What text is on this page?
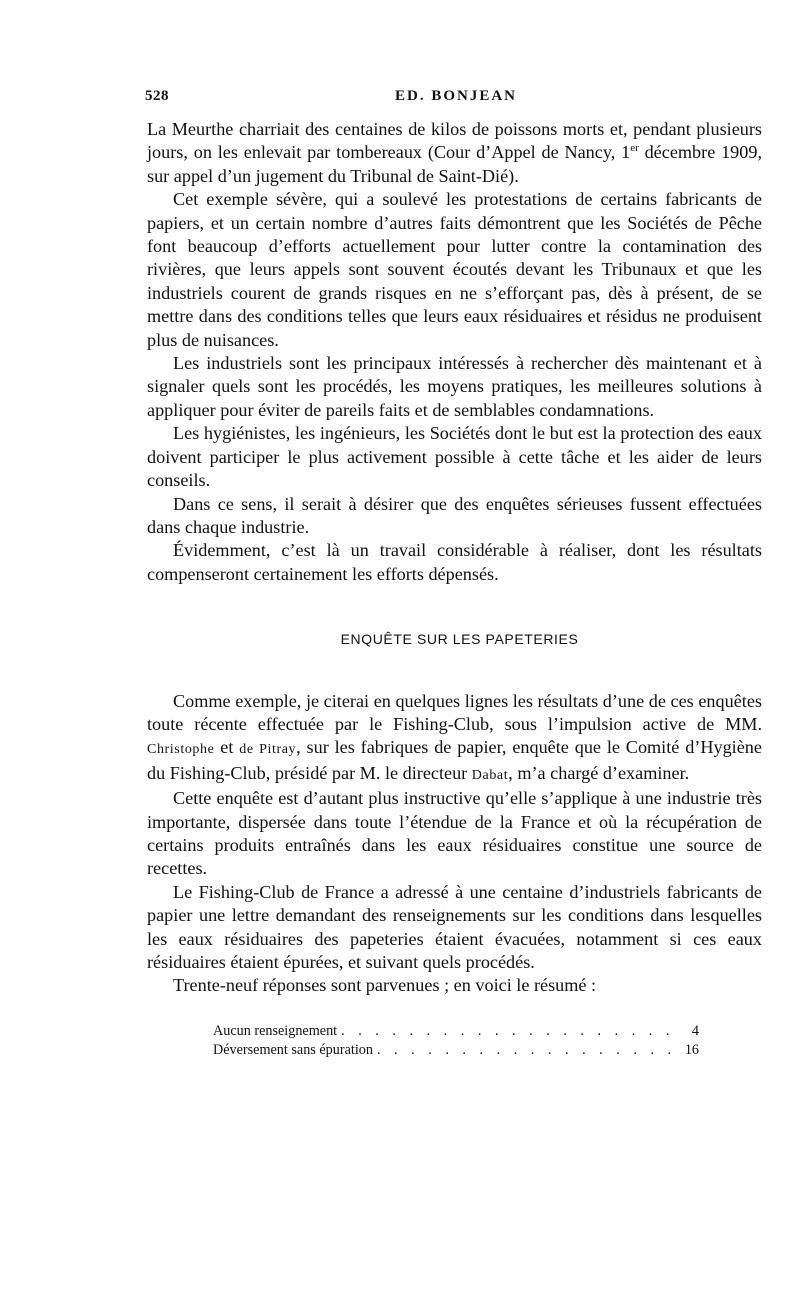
528	ED. BONJEAN

La Meurthe charriait des centaines de kilos de poissons morts et, pendant plusieurs jours, on les enlevait par tombereaux (Cour d’Appel de Nancy, 1er décembre 1909, sur appel d’un jugement du Tribunal de Saint-Dié).

Cet exemple sévère, qui a soulevé les protestations de certains fabricants de papiers, et un certain nombre d’autres faits démontrent que les Sociétés de Pêche font beaucoup d’efforts actuellement pour lutter contre la contamination des rivières, que leurs appels sont souvent écoutés devant les Tribunaux et que les industriels courent de grands risques en ne s’efforçant pas, dès à présent, de se mettre dans des conditions telles que leurs eaux résiduaires et résidus ne produisent plus de nuisances.

Les industriels sont les principaux intéressés à rechercher dès maintenant et à signaler quels sont les procédés, les moyens pratiques, les meilleures solutions à appliquer pour éviter de pareils faits et de semblables condamnations.

Les hygiénistes, les ingénieurs, les Sociétés dont le but est la protection des eaux doivent participer le plus activement possible à cette tâche et les aider de leurs conseils.

Dans ce sens, il serait à désirer que des enquêtes sérieuses fussent effectuées dans chaque industrie.

Évidemment, c’est là un travail considérable à réaliser, dont les résultats compenseront certainement les efforts dépensés.

ENQUÊTE SUR LES PAPETERIES

Comme exemple, je citerai en quelques lignes les résultats d’une de ces enquêtes toute récente effectuée par le Fishing-Club, sous l’impulsion active de MM. Christophe et de Pitray, sur les fabriques de papier, enquête que le Comité d’Hygiène du Fishing-Club, présidé par M. le directeur Dabat, m’a chargé d’examiner.

Cette enquête est d’autant plus instructive qu’elle s’applique à une industrie très importante, dispersée dans toute l’étendue de la France et où la récupération de certains produits entraînés dans les eaux résiduaires constitue une source de recettes.

Le Fishing-Club de France a adressé à une centaine d’industriels fabricants de papier une lettre demandant des renseignements sur les conditions dans lesquelles les eaux résiduaires des papeteries étaient évacuées, notamment si ces eaux résiduaires étaient épurées, et suivant quels procédés.

Trente-neuf réponses sont parvenues ; en voici le résumé :

Aucun renseignement . . .	4
Déversement sans épuration . . .	16
